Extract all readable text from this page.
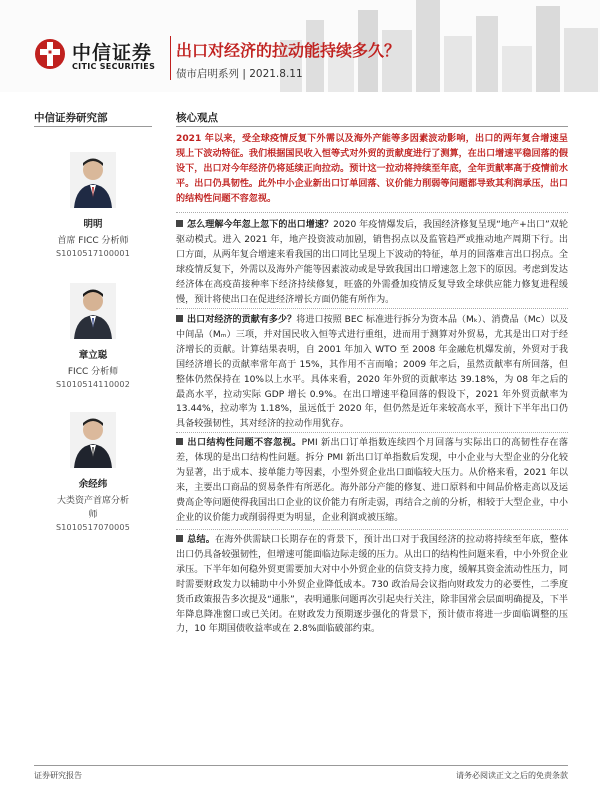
中信证券
CITIC SECURITIES
出口对经济的拉动能持续多久？
债市启明系列 | 2021.8.11
中信证券研究部
明明
首席 FICC 分析师
S1010517100001
章立聪
FICC 分析师
S1010514110002
余经纬
大类资产首席分析
师
S1010517070005
核心观点
2021 年以来，受全球疫情反复下外需以及海外产能等多因素波动影响，出口的两年复合增速呈现上下波动特征。我们根据国民收入恒等式对外贸的贡献度进行了测算，在出口增速平稳回落的假设下，出口对今年经济仍将延续正向拉动。预计这一拉动将持续至年底，全年贡献率高于疫情前水平。出口仍具韧性。此外中小企业新出口订单回落、议价能力削弱等问题都导致其利润承压，出口的结构性问题不容忽视。
怎么理解今年忽上忽下的出口增速？2020 年疫情爆发后，我国经济修复呈现“地产+出口”双轮驱动模式。进入 2021 年，地产投资波动加剧，销售拐点以及监管趋严或推动地产周期下行。出口方面，从两年复合增速来看我国的出口同比呈现上下波动的特征，单月的回落难言出口拐点。全球疫情反复下，外需以及海外产能等因素波动或是导致我国出口增速忽上忽下的原因。考虑到发达经济体在高疫苗接种率下经济持续修复，旺盛的外需叠加疫情反复导致全球供应能力修复进程缓慢，预计将使出口在促进经济增长方面仍能有所作为。
出口对经济的贡献有多少？将进口按照 BEC 标准进行拆分为资本品（Mₖ）、消费品（Mc）以及中间品（Mₘ）三项，并对国民收入恒等式进行重组，进而用于测算对外贸易，尤其是出口对于经济增长的贡献。计算结果表明，自 2001 年加入 WTO 至 2008 年金融危机爆发前，外贸对于我国经济增长的贡献率常年高于 15%，其作用不言而喻；2009 年之后，虽然贡献率有所回落，但整体仍然保持在 10%以上水平。具体来看，2020 年外贸的贡献率达 39.18%，为 08 年之后的最高水平，拉动实际 GDP 增长 0.9%。在出口增速平稳回落的假设下，2021 年外贸贡献率为 13.44%，拉动率为 1.18%，虽远低于 2020 年，但仍然是近年来较高水平，预计下半年出口仍具备较强韧性，其对经济的拉动作用犹存。
出口结构性问题不容忽视。PMI 新出口订单指数连续四个月回落与实际出口的高韧性存在落差，体现的是出口结构性问题。拆分 PMI 新出口订单指数后发现，中小企业与大型企业的分化较为显著，出于成本、接单能力等因素，小型外贸企业出口面临较大压力。从价格来看，2021 年以来，主要出口商品的贸易条件有所恶化。海外部分产能的修复、进口原料和中间品价格走高以及运费高企等问题使得我国出口企业的议价能力有所走弱，再结合之前的分析，相较于大型企业，中小企业的议价能力或削弱得更为明显，企业利润或被压缩。
总结。在海外供需缺口长期存在的背景下，预计出口对于我国经济的拉动将持续至年底，整体出口仍具备较强韧性，但增速可能面临边际走缓的压力。从出口的结构性问题来看，中小外贸企业承压。下半年如何稳外贸更需要加大对中小外贸企业的信贷支持力度，缓解其资金流动性压力，同时需要财政发力以辅助中小外贸企业降低成本。730 政治局会议指向财政发力的必要性，二季度货币政策报告多次提及“通胀”，表明通胀问题再次引起央行关注，除非国常会层面明确提及，下半年降息降准窗口或已关闭。在财政发力预期逐步强化的背景下，预计债市将进一步面临调整的压力，10 年期国债收益率或在 2.8%面临破部约束。
证券研究报告	请务必阅读正文之后的免责条款
